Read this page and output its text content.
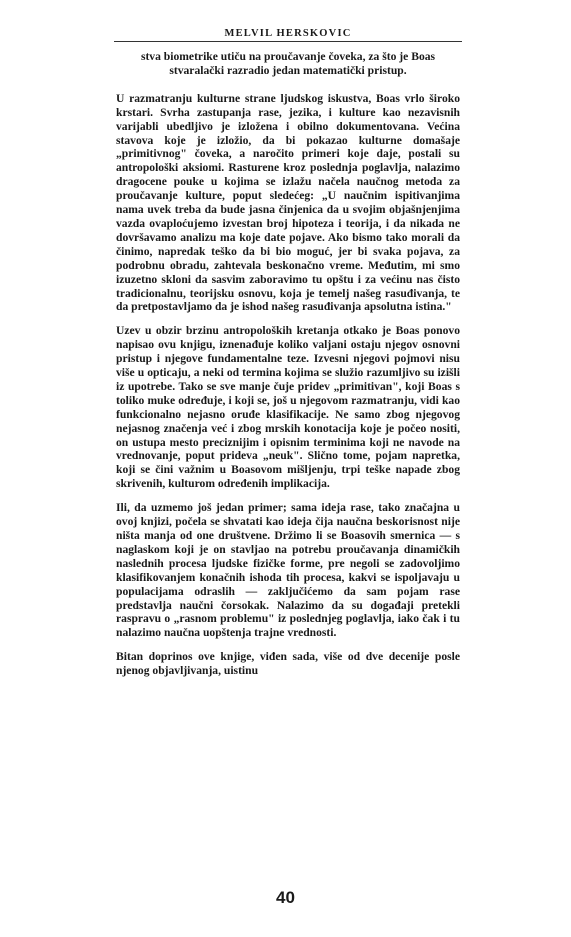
MELVIL HERSKOVIC

stva biometrike utiču na proučavanje čoveka, za što je Boas stvaralački razradio jedan matematički pristup.

U razmatranju kulturne strane ljudskog iskustva, Boas vrlo široko krstari. Svrha zastupanja rase, jezika, i kulture kao nezavisnih varijabli ubedljivo je izložena i obilno dokumentovana. Većina stavova koje je izložio, da bi pokazao kulturne domašaje „primitivnog" čoveka, a naročito primeri koje daje, postali su antropološki aksiomi. Rasturene kroz poslednja poglavlja, nalazimo dragocene pouke u kojima se izlažu načela naučnog metoda za proučavanje kulture, poput sledećeg: „U naučnim ispitivanjima nama uvek treba da bude jasna činjenica da u svojim objašnjenjima vazda ovaploćujemo izvestan broj hipoteza i teorija, i da nikada ne dovršavamo analizu ma koje date pojave. Ako bismo tako morali da činimo, napredak teško da bi bio moguć, jer bi svaka pojava, za podrobnu obradu, zahtevala beskonačno vreme. Međutim, mi smo izuzetno skloni da sasvim zaboravimo tu opštu i za većinu nas čisto tradicionalnu, teorijsku osnovu, koja je temelj našeg rasuđivanja, te da pretpostavljamo da je ishod našeg rasuđivanja apsolutna istina."

Uzev u obzir brzinu antropoloških kretanja otkako je Boas ponovo napisao ovu knjigu, iznenađuje koliko valjani ostaju njegov osnovni pristup i njegove fundamentalne teze. Izvesni njegovi pojmovi nisu više u opticaju, a neki od termina kojima se služio razumljivo su izišli iz upotrebe. Tako se sve manje čuje pridev „primitivan", koji Boas s toliko muke određuje, i koji se, još u njegovom razmatranju, vidi kao funkcionalno nejasno oruđe klasifikacije. Ne samo zbog njegovog nejasnog značenja već i zbog mrskih konotacija koje je počeo nositi, on ustupa mesto preciznijim i opisnim terminima koji ne navode na vrednovanje, poput prideva „neuk". Slično tome, pojam napretka, koji se čini važnim u Boasovom mišljenju, trpi teške napade zbog skrivenih, kulturom određenih implikacija.

Ili, da uzmemo još jedan primer; sama ideja rase, tako značajna u ovoj knjizi, počela se shvatati kao ideja čija naučna beskorisnost nije ništa manja od one društvene. Držimo li se Boasovih smernica — s naglaskom koji je on stavljao na potrebu proučavanja dinamičkih naslednih procesa ljudske fizičke forme, pre negoli se zadovoljimo klasifikovanjem konačnih ishoda tih procesa, kakvi se ispoljavaju u populacijama odraslih — zaključićemo da sam pojam rase predstavlja naučni čorsokak. Nalazimo da su događaji pretekli raspravu o „rasnom problemu" iz poslednjeg poglavlja, iako čak i tu nalazimo naučna uopštenja trajne vrednosti.

Bitan doprinos ove knjige, viđen sada, više od dve decenije posle njenog objavljivanja, uistinu

40
